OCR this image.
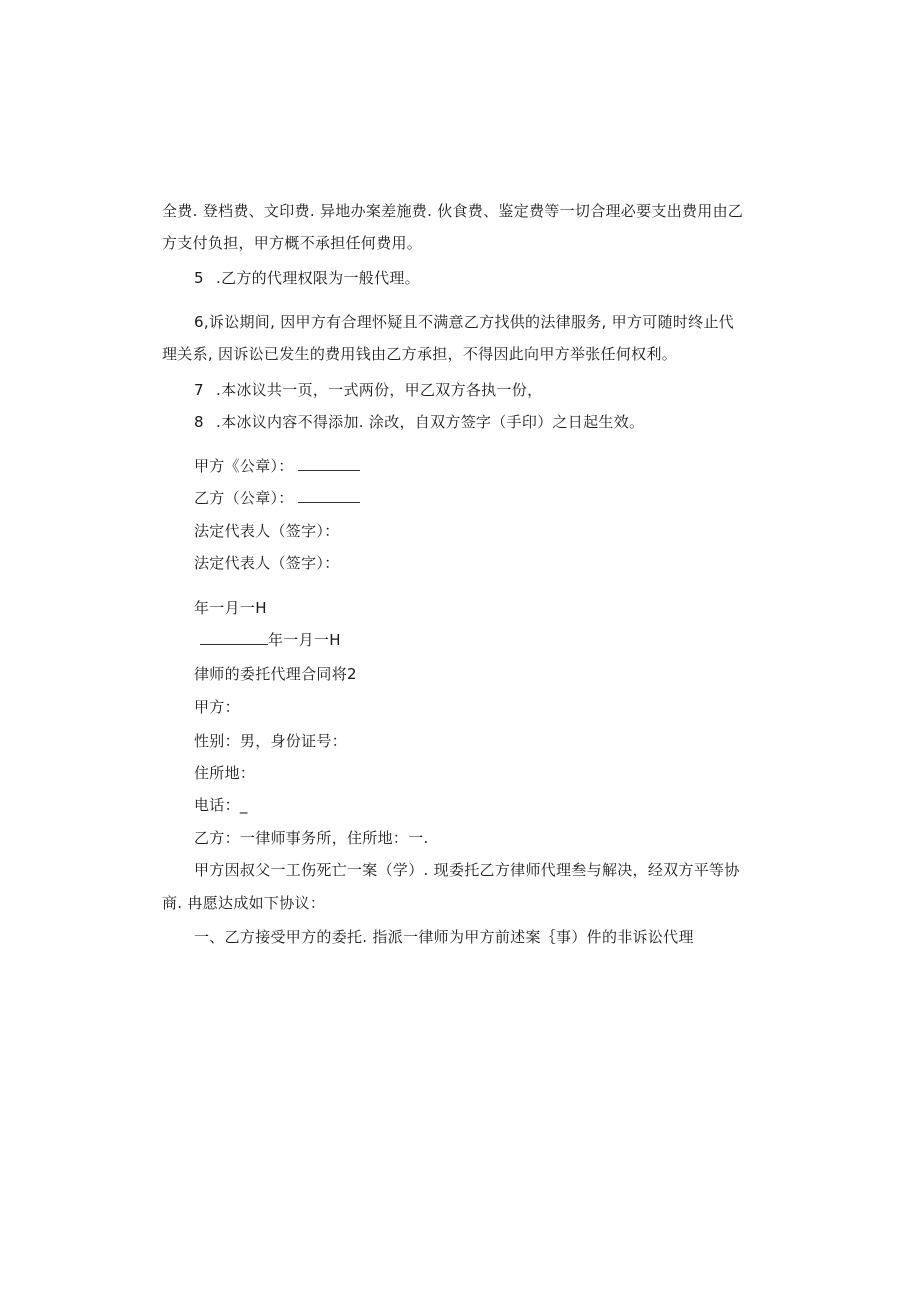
全费. 登档费、文印费. 异地办案差施费. 伙食费、鉴定费等一切合理必要支出费用由乙
方支付负担，甲方概不承担任何费用。
5 .乙方的代理权限为一般代理。
6,诉讼期间, 因甲方有合理怀疑且不满意乙方找供的法律服务, 甲方可随时终止代
理关系, 因诉讼已发生的费用钱由乙方承担，不得因此向甲方举张任何权利。
7 .本冰议共一页，一式两份，甲乙双方各执一份，
8 .本冰议内容不得添加. 涂改，自双方签字（手印）之日起生效。
甲方《公章）：
乙方（公章）：
法定代表人（签字）：
法定代表人（签字）：
年一月一H
年一月一H
律师的委托代理合同将2
甲方：
性别：男，身份证号：
住所地：
电话：_
乙方：一律师事务所，住所地：一.
甲方因叔父一工伤死亡一案（学）. 现委托乙方律师代理叁与解决，经双方平等协
商. 冉愿达成如下协议：
一、乙方接受甲方的委托. 指派一律师为甲方前述案｛事）件的非诉讼代理
